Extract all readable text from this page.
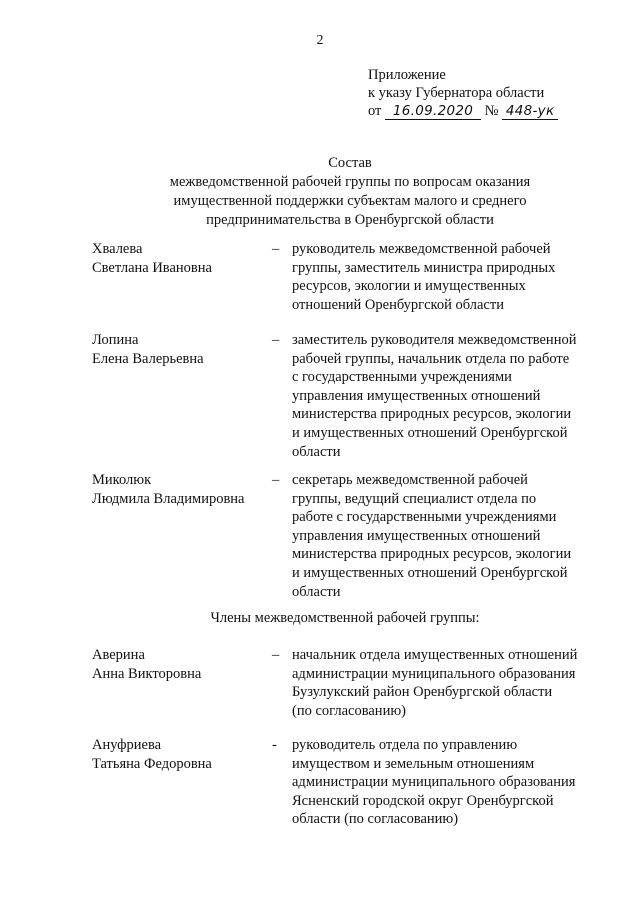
2
Приложение
к указу Губернатора области
от 16.09.2020 № 448-ук
Состав
межведомственной рабочей группы по вопросам оказания
имущественной поддержки субъектам малого и среднего
предпринимательства в Оренбургской области
Хвалева
Светлана Ивановна
– руководитель межведомственной рабочей
группы, заместитель министра природных
ресурсов, экологии и имущественных
отношений Оренбургской области
Лопина
Елена Валерьевна
– заместитель руководителя межведомственной
рабочей группы, начальник отдела по работе
с государственными учреждениями
управления имущественных отношений
министерства природных ресурсов, экологии
и имущественных отношений Оренбургской
области
Миколюк
Людмила Владимировна
– секретарь межведомственной рабочей
группы, ведущий специалист отдела по
работе с государственными учреждениями
управления имущественных отношений
министерства природных ресурсов, экологии
и имущественных отношений Оренбургской
области
Члены межведомственной рабочей группы:
Аверина
Анна Викторовна
– начальник отдела имущественных отношений
администрации муниципального образования
Бузулукский район Оренбургской области
(по согласованию)
Ануфриева
Татьяна Федоровна
- руководитель отдела по управлению
имуществом и земельным отношениям
администрации муниципального образования
Ясненский городской округ Оренбургской
области (по согласованию)
